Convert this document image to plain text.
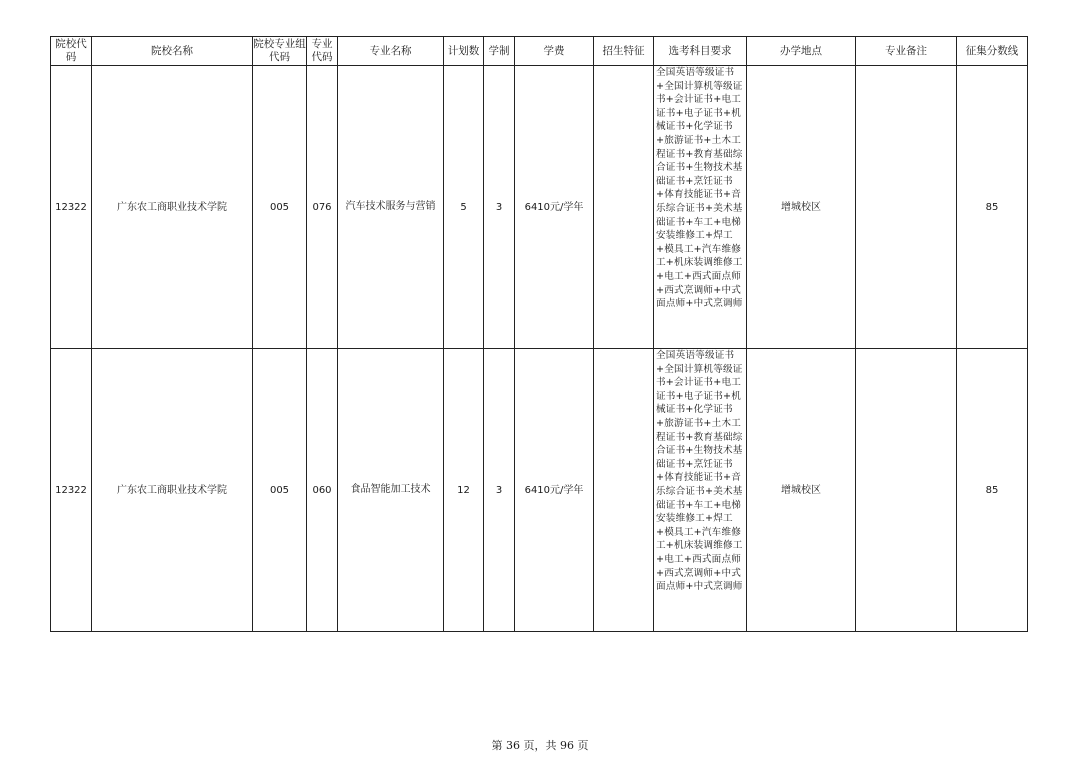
院校代码	院校名称	院校专业组代码	专业代码	专业名称	计划数	学制	学费	招生特征	选考科目要求	办学地点	专业备注	征集分数线
12322	广东农工商职业技术学院	005	076	汽车技术服务与营销	5	3	6410元/学年		全国英语等级证书+全国计算机等级证书+会计证书+电工证书+电子证书+机械证书+化学证书+旅游证书+土木工程证书+教育基础综合证书+生物技术基础证书+烹饪证书+体育技能证书+音乐综合证书+美术基础证书+车工+电梯安装维修工+焊工+模具工+汽车维修工+机床装调维修工+电工+西式面点师+西式烹调师+中式面点师+中式烹调师	增城校区		85
12322	广东农工商职业技术学院	005	060	食品智能加工技术	12	3	6410元/学年		全国英语等级证书+全国计算机等级证书+会计证书+电工证书+电子证书+机械证书+化学证书+旅游证书+土木工程证书+教育基础综合证书+生物技术基础证书+烹饪证书+体育技能证书+音乐综合证书+美术基础证书+车工+电梯安装维修工+焊工+模具工+汽车维修工+机床装调维修工+电工+西式面点师+西式烹调师+中式面点师+中式烹调师	增城校区		85
第 36 页，共 96 页
